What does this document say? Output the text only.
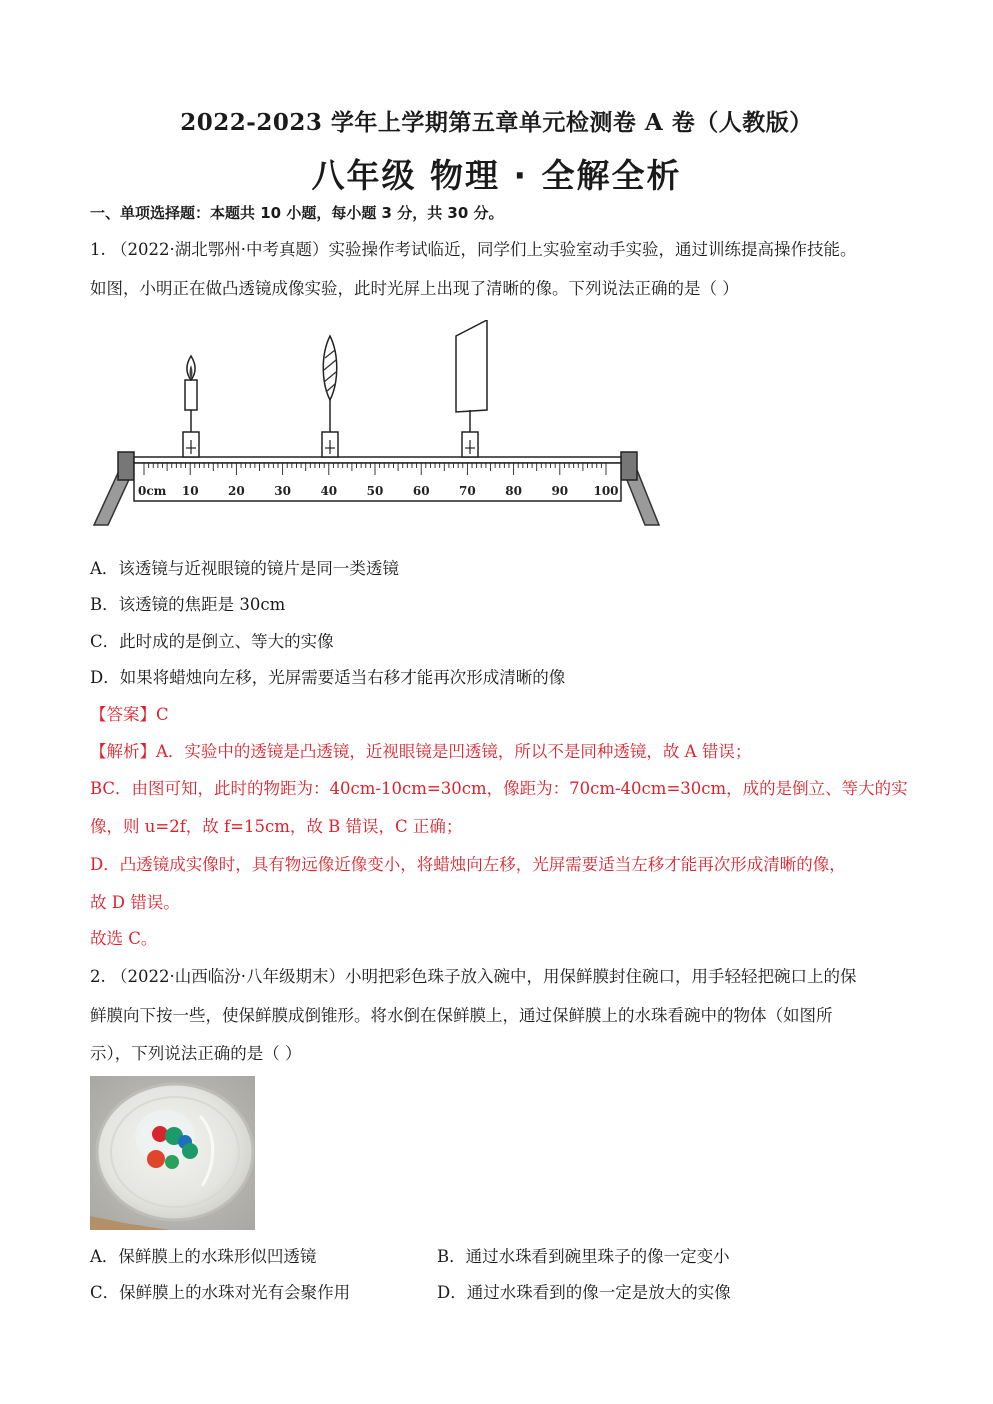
2022-2023 学年上学期第五章单元检测卷 A 卷（人教版）
八年级 物理 · 全解全析
一、单项选择题：本题共 10 小题，每小题 3 分，共 30 分。
1. （2022·湖北鄂州·中考真题）实验操作考试临近，同学们上实验室动手实验，通过训练提高操作技能。
如图，小明正在做凸透镜成像实验，此时光屏上出现了清晰的像。下列说法正确的是（ ）
0cm 10 20 30 40 50 60 70 80 90 100
A．该透镜与近视眼镜的镜片是同一类透镜
B．该透镜的焦距是 30cm
C．此时成的是倒立、等大的实像
D．如果将蜡烛向左移，光屏需要适当右移才能再次形成清晰的像
【答案】C
【解析】A．实验中的透镜是凸透镜，近视眼镜是凹透镜，所以不是同种透镜，故 A 错误；
BC．由图可知，此时的物距为：40cm-10cm=30cm，像距为：70cm-40cm=30cm，成的是倒立、等大的实
像，则 u=2f，故 f=15cm，故 B 错误，C 正确；
D．凸透镜成实像时，具有物远像近像变小，将蜡烛向左移，光屏需要适当左移才能再次形成清晰的像，
故 D 错误。
故选 C。
2. （2022·山西临汾·八年级期末）小明把彩色珠子放入碗中，用保鲜膜封住碗口，用手轻轻把碗口上的保
鲜膜向下按一些，使保鲜膜成倒锥形。将水倒在保鲜膜上，通过保鲜膜上的水珠看碗中的物体（如图所
示），下列说法正确的是（ ）
A．保鲜膜上的水珠形似凹透镜	B．通过水珠看到碗里珠子的像一定变小
C．保鲜膜上的水珠对光有会聚作用	D．通过水珠看到的像一定是放大的实像
